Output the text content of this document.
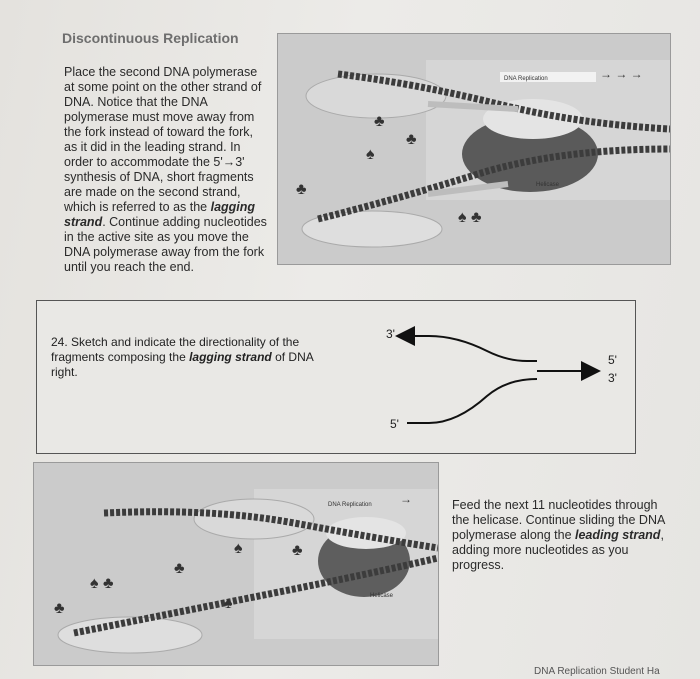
Discontinuous Replication
Place the second DNA polymerase at some point on the other strand of DNA. Notice that the DNA polymerase must move away from the fork instead of toward the fork, as it did in the leading strand. In order to accommodate the 5'→3' synthesis of DNA, short fragments are made on the second strand, which is referred to as the lagging strand. Continue adding nucleotides in the active site as you move the DNA polymerase away from the fork until you reach the end.
♣
♣
♠
♣
♠ ♣
→ → →
DNA Replication
Helicase
24. Sketch and indicate the directionality of the fragments composing the lagging strand of DNA right.
3'
5'
5'
3'
♠	♣
♣
♠ ♣
♣	♠
→
DNA Replication
Helicase
Feed the next 11 nucleotides through the helicase. Continue sliding the DNA polymerase along the leading strand, adding more nucleotides as you progress.
DNA Replication Student Ha
